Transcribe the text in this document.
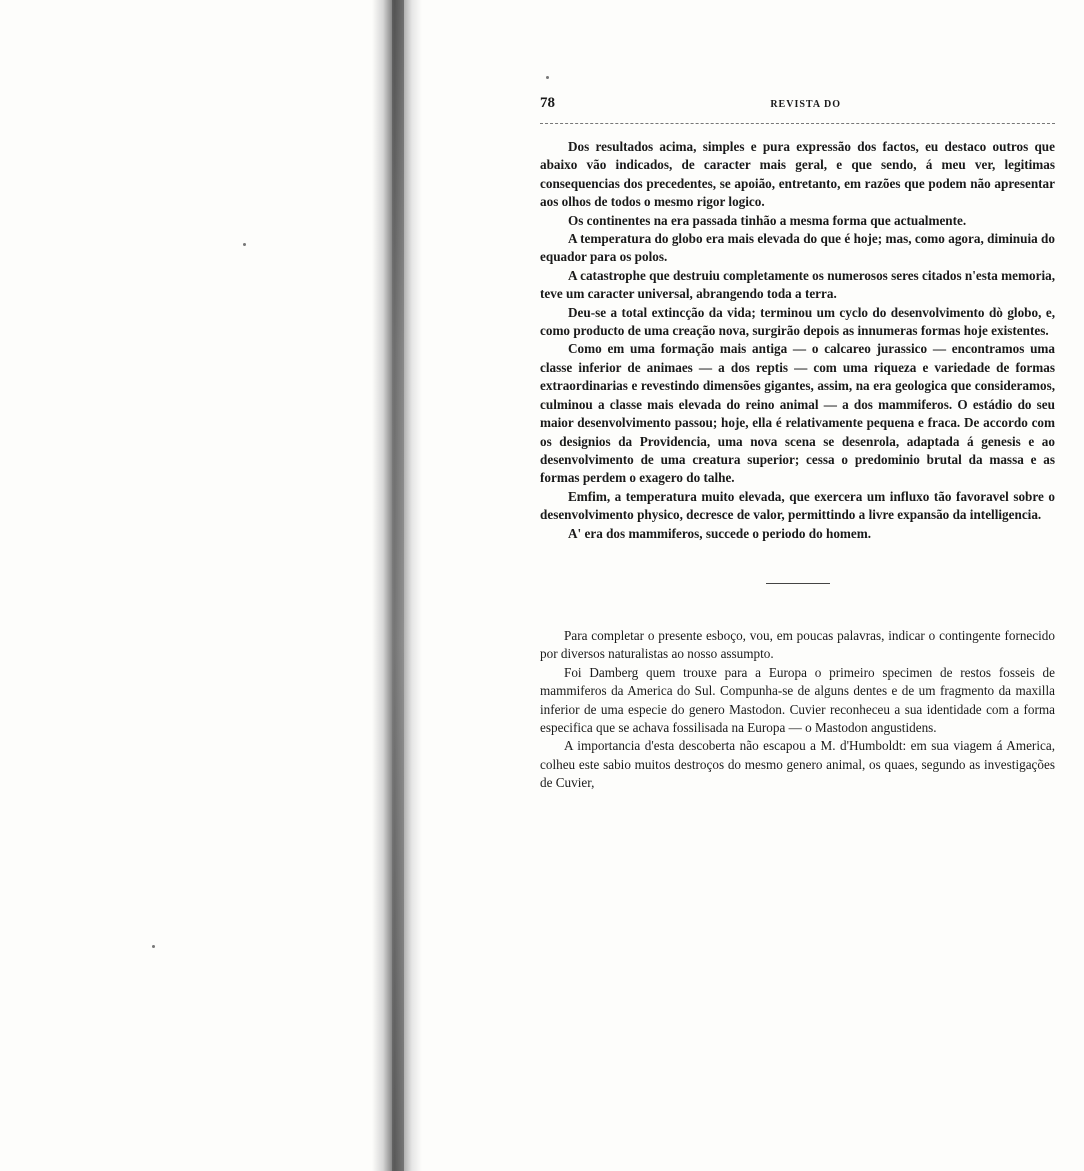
78	REVISTA DO

Dos resultados acima, simples e pura expressão dos factos, eu destaco outros que abaixo vão indicados, de caracter mais geral, e que sendo, á meu ver, legitimas consequencias dos precedentes, se apoião, entretanto, em razões que podem não apresentar aos olhos de todos o mesmo rigor logico.

Os continentes na era passada tinhão a mesma forma que actualmente.

A temperatura do globo era mais elevada do que é hoje; mas, como agora, diminuia do equador para os polos.

A catastrophe que destruiu completamente os numerosos seres citados n'esta memoria, teve um caracter universal, abrangendo toda a terra.

Deu-se a total extincção da vida; terminou um cyclo do desenvolvimento dò globo, e, como producto de uma creação nova, surgirão depois as innumeras formas hoje existentes.

Como em uma formação mais antiga — o calcareo jurassico — encontramos uma classe inferior de animaes — a dos reptis — com uma riqueza e variedade de formas extraordinarias e revestindo dimensões gigantes, assim, na era geologica que consideramos, culminou a classe mais elevada do reino animal — a dos mammiferos. O estádio do seu maior desenvolvimento passou; hoje, ella é relativamente pequena e fraca. De accordo com os designios da Providencia, uma nova scena se desenrola, adaptada á genesis e ao desenvolvimento de uma creatura superior; cessa o predominio brutal da massa e as formas perdem o exagero do talhe.

Emfim, a temperatura muito elevada, que exercera um influxo tão favoravel sobre o desenvolvimento physico, decresce de valor, permittindo a livre expansão da intelligencia.

A' era dos mammiferos, succede o periodo do homem.

Para completar o presente esboço, vou, em poucas palavras, indicar o contingente fornecido por diversos naturalistas ao nosso assumpto.

Foi Damberg quem trouxe para a Europa o primeiro specimen de restos fosseis de mammiferos da America do Sul. Compunha-se de alguns dentes e de um fragmento da maxilla inferior de uma especie do genero Mastodon. Cuvier reconheceu a sua identidade com a forma especifica que se achava fossilisada na Europa — o Mastodon angustidens.

A importancia d'esta descoberta não escapou a M. d'Humboldt: em sua viagem á America, colheu este sabio muitos destroços do mesmo genero animal, os quaes, segundo as investigações de Cuvier,
